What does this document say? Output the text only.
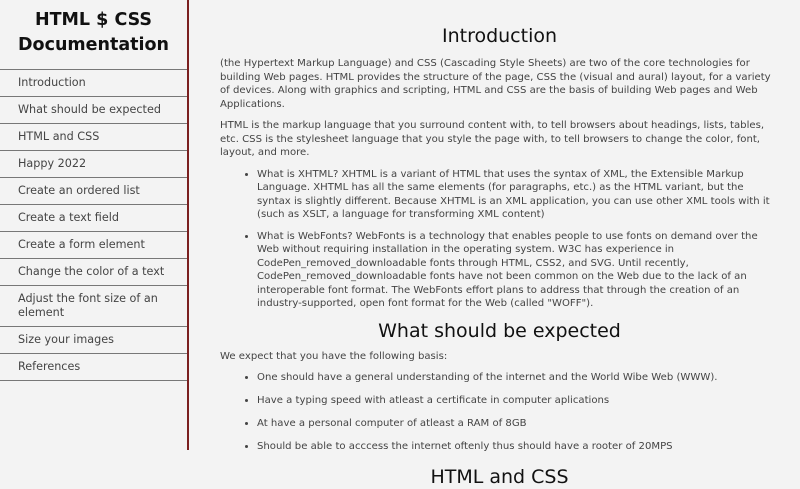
HTML $ CSS Documentation
Introduction
What should be expected
HTML and CSS
Happy 2022
Create an ordered list
Create a text field
Create a form element
Change the color of a text
Adjust the font size of an element
Size your images
References
Introduction

(the Hypertext Markup Language) and CSS (Cascading Style Sheets) are two of the core technologies for building Web pages. HTML provides the structure of the page, CSS the (visual and aural) layout, for a variety of devices. Along with graphics and scripting, HTML and CSS are the basis of building Web pages and Web Applications.

HTML is the markup language that you surround content with, to tell browsers about headings, lists, tables, etc. CSS is the stylesheet language that you style the page with, to tell browsers to change the color, font, layout, and more.

• What is XHTML? XHTML is a variant of HTML that uses the syntax of XML, the Extensible Markup Language. XHTML has all the same elements (for paragraphs, etc.) as the HTML variant, but the syntax is slightly different. Because XHTML is an XML application, you can use other XML tools with it (such as XSLT, a language for transforming XML content)
• What is WebFonts? WebFonts is a technology that enables people to use fonts on demand over the Web without requiring installation in the operating system. W3C has experience in CodePen_removed_downloadable fonts through HTML, CSS2, and SVG. Until recently, CodePen_removed_downloadable fonts have not been common on the Web due to the lack of an interoperable font format. The WebFonts effort plans to address that through the creation of an industry-supported, open font format for the Web (called "WOFF").
What should be expected

We expect that you have the following basis:

• One should have a general understanding of the internet and the World Wibe Web (WWW).
• Have a typing speed with atleast a certificate in computer aplications
• At have a personal computer of atleast a RAM of 8GB
• Should be able to acccess the internet oftenly thus should have a rooter of 20MPS
HTML and CSS
